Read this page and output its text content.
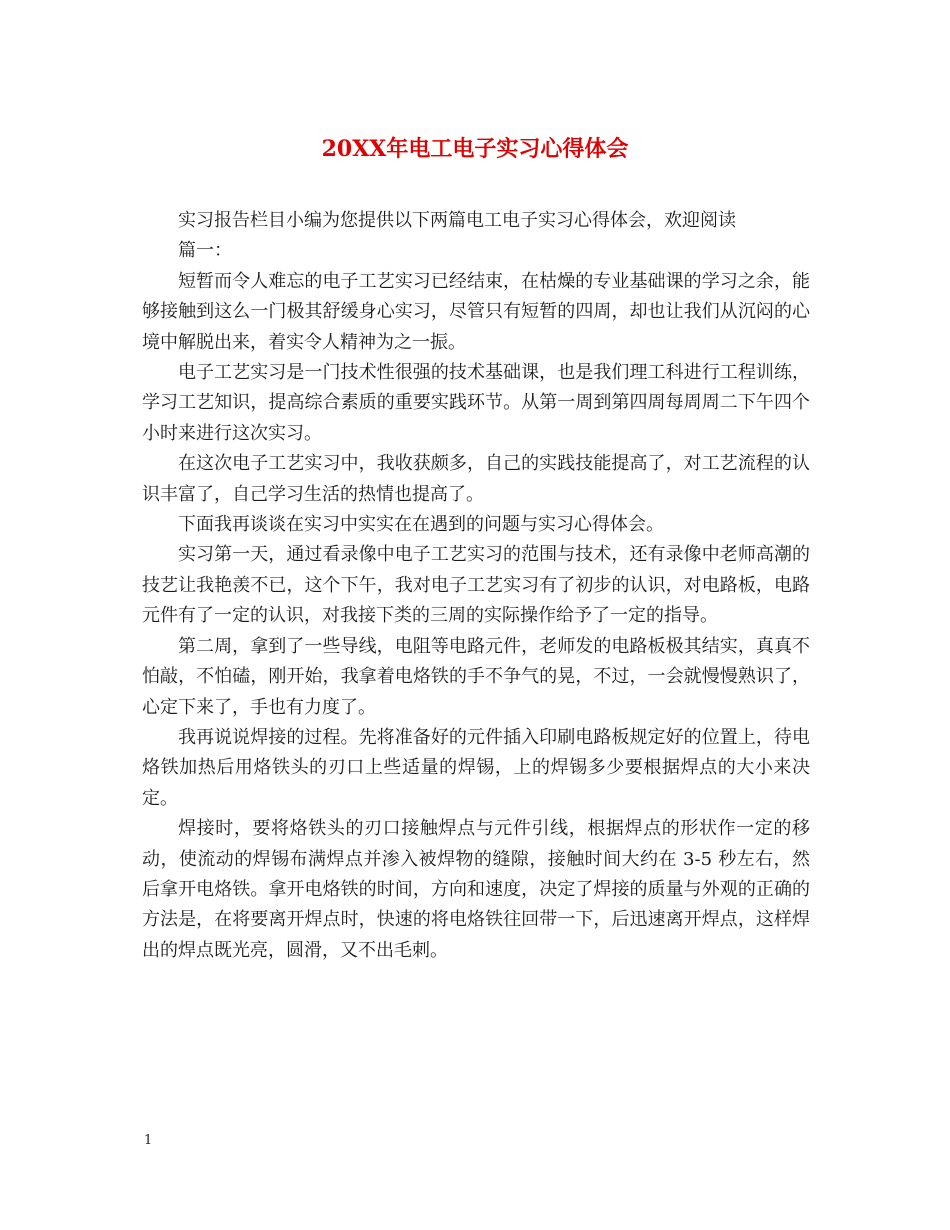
20XX年电工电子实习心得体会

实习报告栏目小编为您提供以下两篇电工电子实习心得体会，欢迎阅读

篇一：

短暂而令人难忘的电子工艺实习已经结束，在枯燥的专业基础课的学习之余，能够接触到这么一门极其舒缓身心实习，尽管只有短暂的四周，却也让我们从沉闷的心境中解脱出来，着实令人精神为之一振。

电子工艺实习是一门技术性很强的技术基础课，也是我们理工科进行工程训练，学习工艺知识，提高综合素质的重要实践环节。从第一周到第四周每周周二下午四个小时来进行这次实习。

在这次电子工艺实习中，我收获颇多，自己的实践技能提高了，对工艺流程的认识丰富了，自己学习生活的热情也提高了。

下面我再谈谈在实习中实实在在遇到的问题与实习心得体会。

实习第一天，通过看录像中电子工艺实习的范围与技术，还有录像中老师高潮的技艺让我艳羡不已，这个下午，我对电子工艺实习有了初步的认识，对电路板，电路元件有了一定的认识，对我接下类的三周的实际操作给予了一定的指导。

第二周，拿到了一些导线，电阻等电路元件，老师发的电路板极其结实，真真不怕敲，不怕磕，刚开始，我拿着电烙铁的手不争气的晃，不过，一会就慢慢熟识了，心定下来了，手也有力度了。

我再说说焊接的过程。先将准备好的元件插入印刷电路板规定好的位置上，待电烙铁加热后用烙铁头的刃口上些适量的焊锡，上的焊锡多少要根据焊点的大小来决定。

焊接时，要将烙铁头的刃口接触焊点与元件引线，根据焊点的形状作一定的移动，使流动的焊锡布满焊点并渗入被焊物的缝隙，接触时间大约在 3-5 秒左右，然后拿开电烙铁。拿开电烙铁的时间，方向和速度，决定了焊接的质量与外观的正确的方法是，在将要离开焊点时，快速的将电烙铁往回带一下，后迅速离开焊点，这样焊出的焊点既光亮，圆滑，又不出毛刺。

1
